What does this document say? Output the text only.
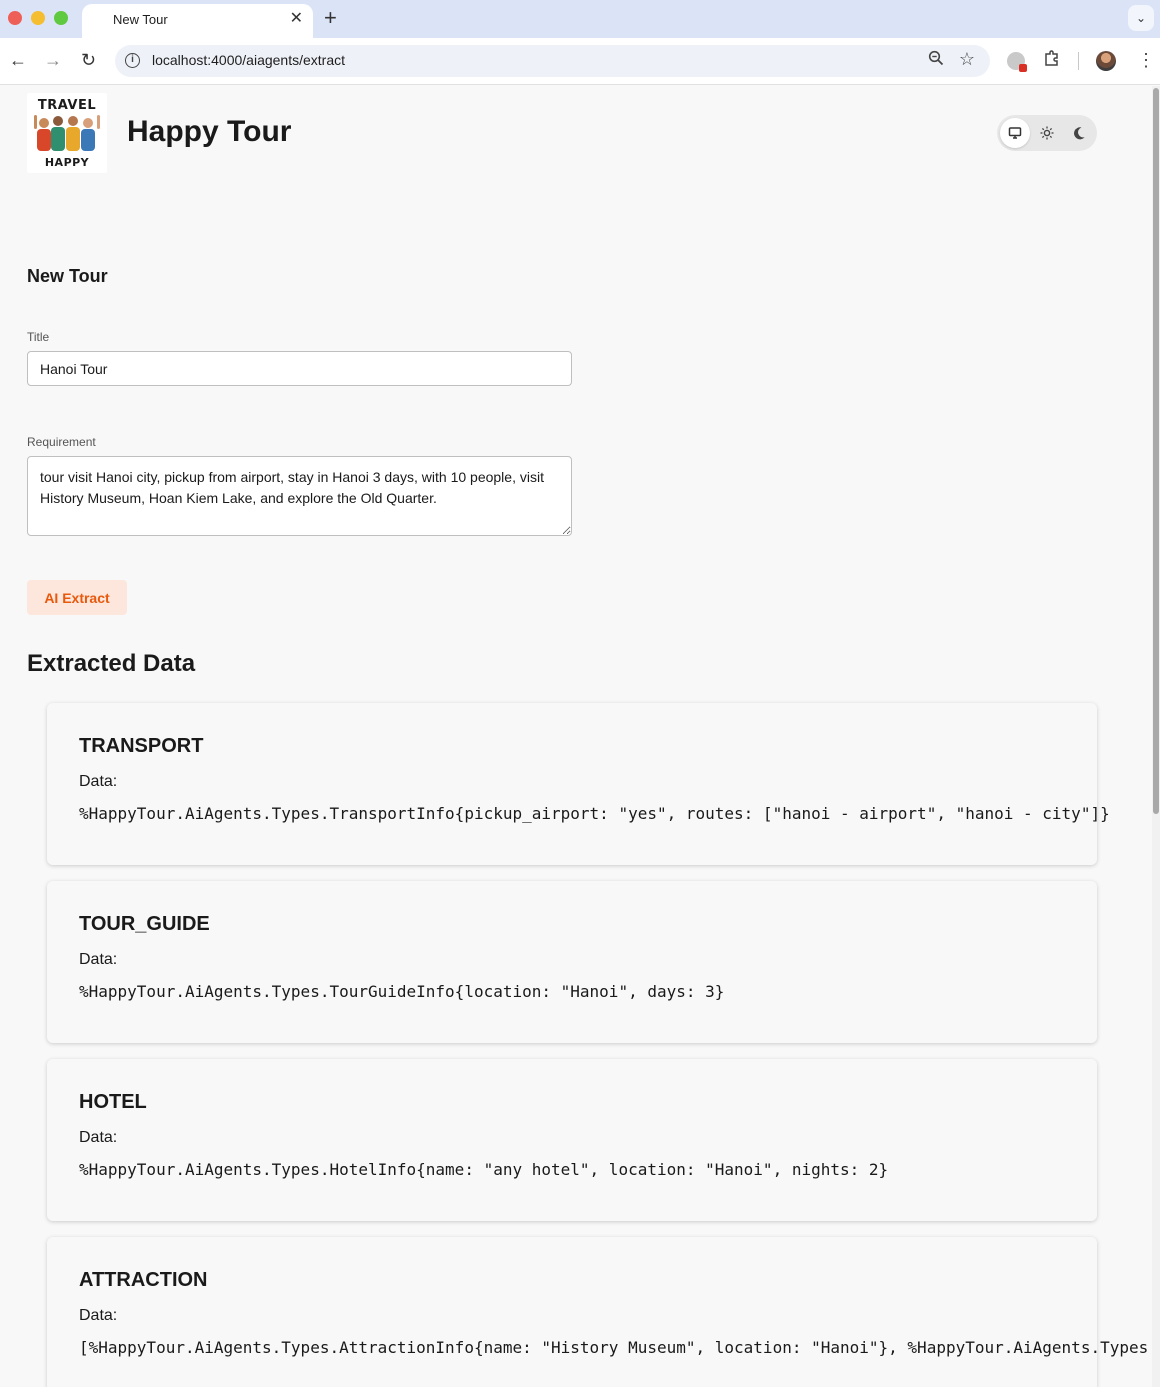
New Tour	✕ +	⌄
← → ↻	i	localhost:4000/aiagents/extract	☆	⋮
TRAVEL
HAPPY
Happy Tour
New Tour
Title
Hanoi Tour
Requirement
tour visit Hanoi city, pickup from airport, stay in Hanoi 3 days, with 10 people, visit History Museum, Hoan Kiem Lake, and explore the Old Quarter.
AI Extract
Extracted Data
TRANSPORT
Data:
%HappyTour.AiAgents.Types.TransportInfo{pickup_airport: "yes", routes: ["hanoi - airport", "hanoi - city"]}
TOUR_GUIDE
Data:
%HappyTour.AiAgents.Types.TourGuideInfo{location: "Hanoi", days: 3}
HOTEL
Data:
%HappyTour.AiAgents.Types.HotelInfo{name: "any hotel", location: "Hanoi", nights: 2}
ATTRACTION
Data:
[%HappyTour.AiAgents.Types.AttractionInfo{name: "History Museum", location: "Hanoi"}, %HappyTour.AiAgents.Types
